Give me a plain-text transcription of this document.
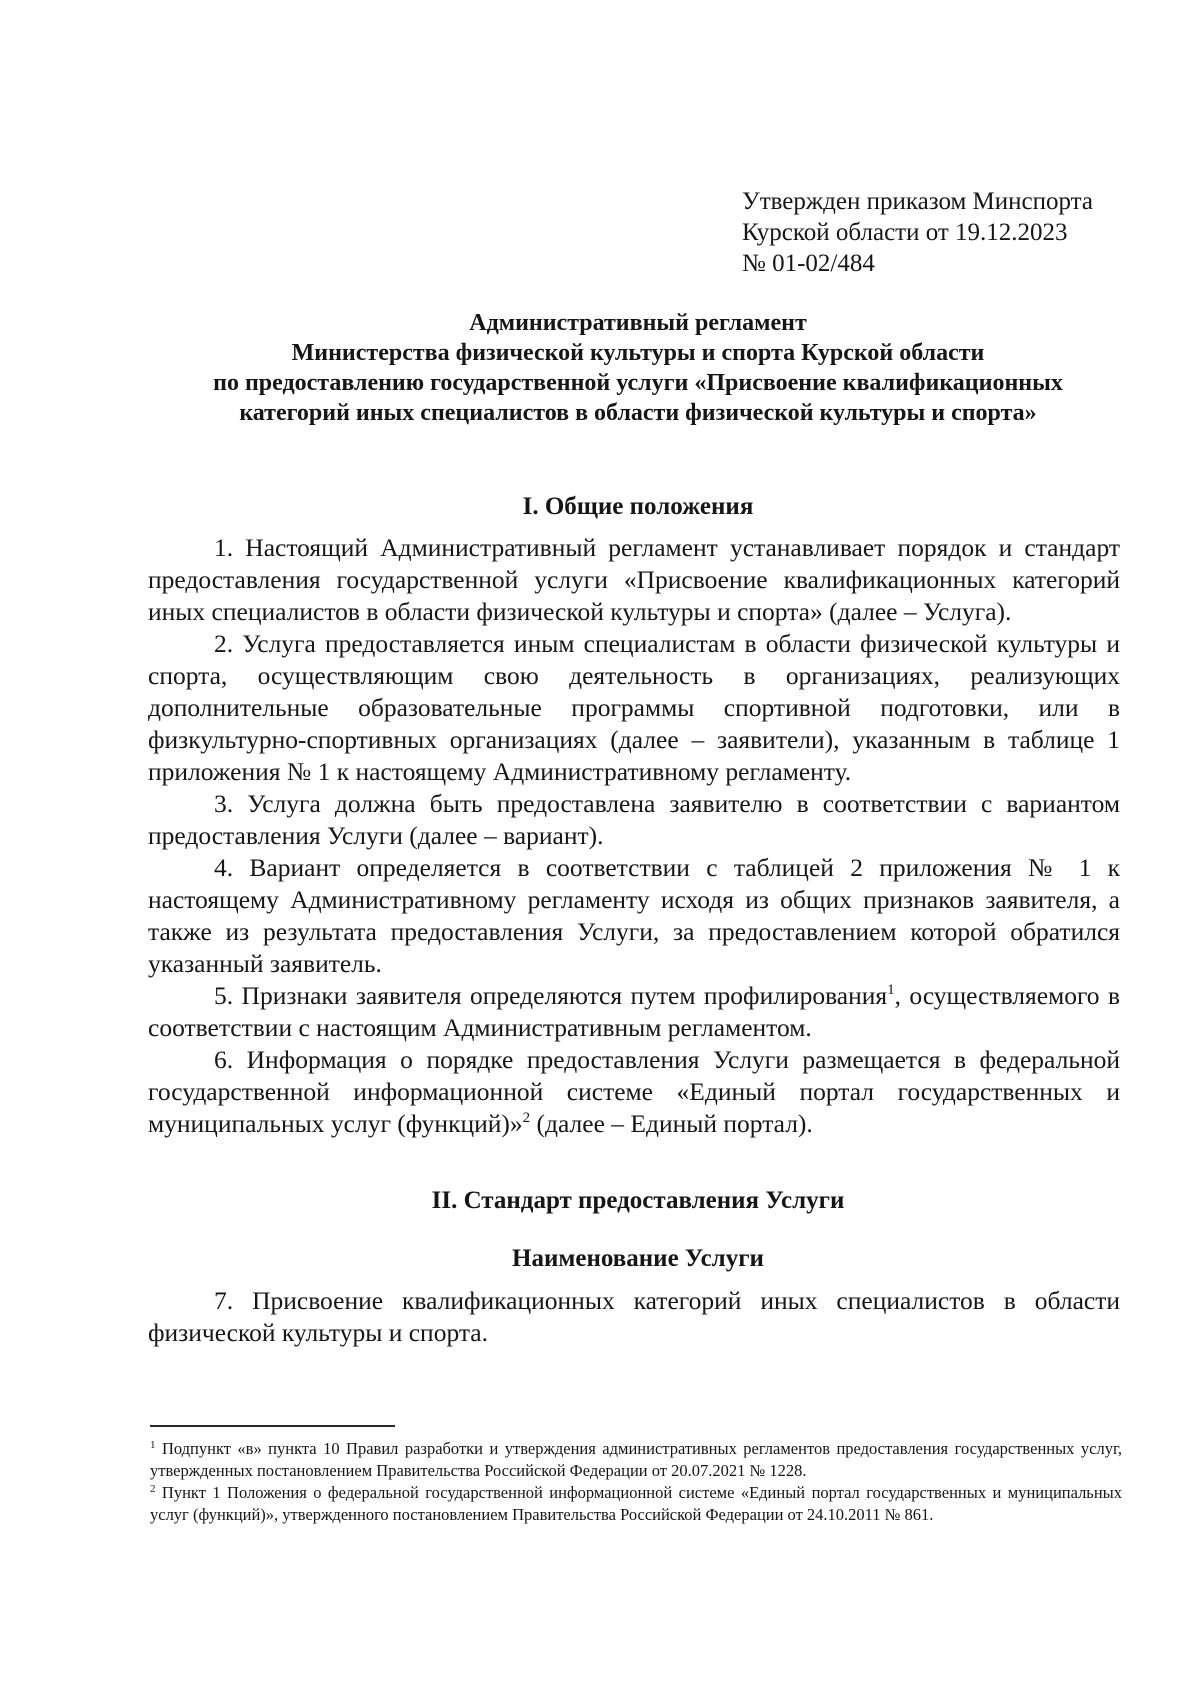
Утвержден приказом Минспорта
Курской области от 19.12.2023
№ 01-02/484
Административный регламент
Министерства физической культуры и спорта Курской области
по предоставлению государственной услуги «Присвоение квалификационных
категорий иных специалистов в области физической культуры и спорта»
I. Общие положения

1. Настоящий Административный регламент устанавливает порядок и стандарт предоставления государственной услуги «Присвоение квалификационных категорий иных специалистов в области физической культуры и спорта» (далее – Услуга).

2. Услуга предоставляется иным специалистам в области физической культуры и спорта, осуществляющим свою деятельность в организациях, реализующих дополнительные образовательные программы спортивной подготовки, или в физкультурно-спортивных организациях (далее – заявители), указанным в таблице 1 приложения № 1 к настоящему Административному регламенту.

3. Услуга должна быть предоставлена заявителю в соответствии с вариантом предоставления Услуги (далее – вариант).

4. Вариант определяется в соответствии с таблицей 2 приложения № 1 к настоящему Административному регламенту исходя из общих признаков заявителя, а также из результата предоставления Услуги, за предоставлением которой обратился указанный заявитель.

5. Признаки заявителя определяются путем профилирования$^1$, осуществляемого в соответствии с настоящим Административным регламентом.

6. Информация о порядке предоставления Услуги размещается в федеральной государственной информационной системе «Единый портал государственных и муниципальных услуг (функций)»$^2$ (далее – Единый портал).

II. Стандарт предоставления Услуги
Наименование Услуги

7. Присвоение квалификационных категорий иных специалистов в области физической культуры и спорта.

$^1$ Подпункт «в» пункта 10 Правил разработки и утверждения административных регламентов предоставления государственных услуг, утвержденных постановлением Правительства Российской Федерации от 20.07.2021 № 1228.

$^2$ Пункт 1 Положения о федеральной государственной информационной системе «Единый портал государственных и муниципальных услуг (функций)», утвержденного постановлением Правительства Российской Федерации от 24.10.2011 № 861.
